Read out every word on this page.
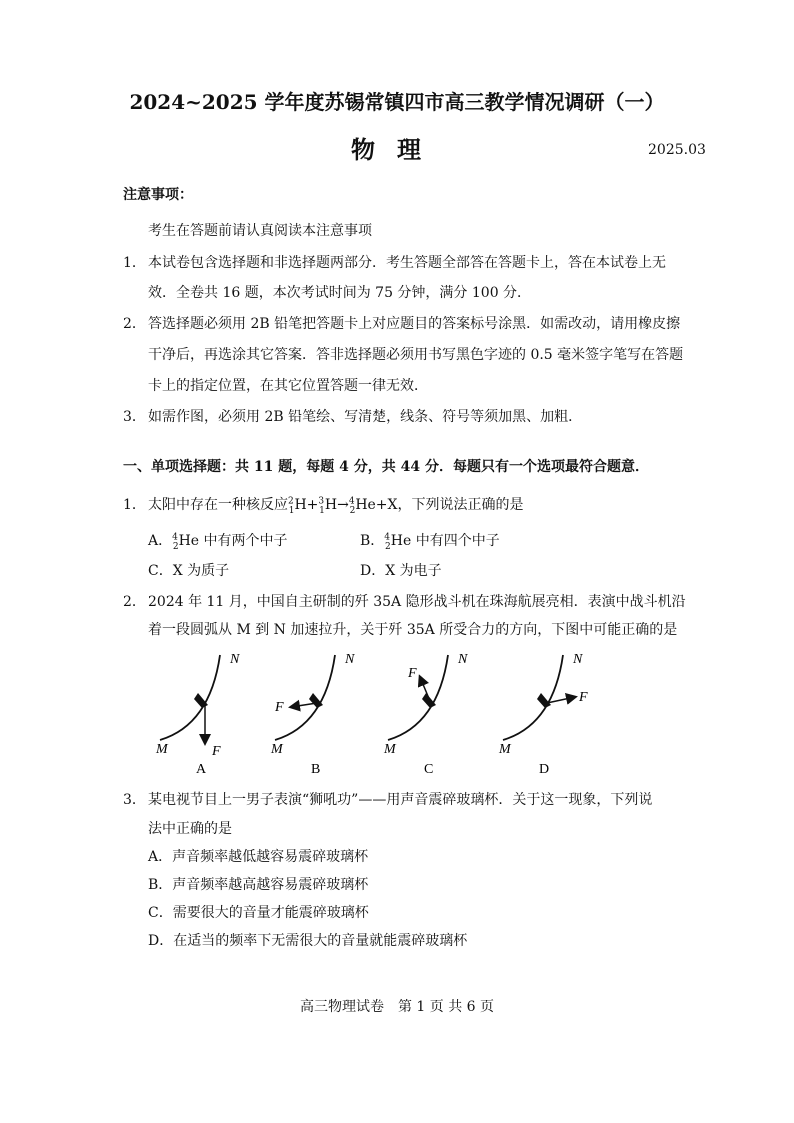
2024~2025 学年度苏锡常镇四市高三教学情况调研（一）
物理	2025.03
注意事项：
考生在答题前请认真阅读本注意事项
1． 本试卷包含选择题和非选择题两部分．考生答题全部答在答题卡上，答在本试卷上无
效．全卷共 16 题，本次考试时间为 75 分钟，满分 100 分．
2． 答选择题必须用 2B 铅笔把答题卡上对应题目的答案标号涂黑．如需改动，请用橡皮擦
干净后，再选涂其它答案．答非选择题必须用书写黑色字迹的 0.5 毫米签字笔写在答题
卡上的指定位置，在其它位置答题一律无效．
3． 如需作图，必须用 2B 铅笔绘、写清楚，线条、符号等须加黑、加粗．
一、单项选择题：共 11 题，每题 4 分，共 44 分．每题只有一个选项最符合题意．
1． 太阳中存在一种核反应$^2_1$H+$^3_1$H→$^4_2$He+X，下列说法正确的是
A．$^4_2$He 中有两个中子	B．$^4_2$He 中有四个中子
C．X 为质子	D．X 为电子
2． 2024 年 11 月，中国自主研制的歼 35A 隐形战斗机在珠海航展亮相．表演中战斗机沿
着一段圆弧从 M 到 N 加速拉升，关于歼 35A 所受合力的方向，下图中可能正确的是
N
M	F
A
N
M
F
B
N
M
F
C
N
M
F
D
3． 某电视节目上一男子表演“狮吼功”——用声音震碎玻璃杯．关于这一现象，下列说
法中正确的是
A．声音频率越低越容易震碎玻璃杯
B．声音频率越高越容易震碎玻璃杯
C．需要很大的音量才能震碎玻璃杯
D．在适当的频率下无需很大的音量就能震碎玻璃杯
高三物理试卷　第 1 页 共 6 页
